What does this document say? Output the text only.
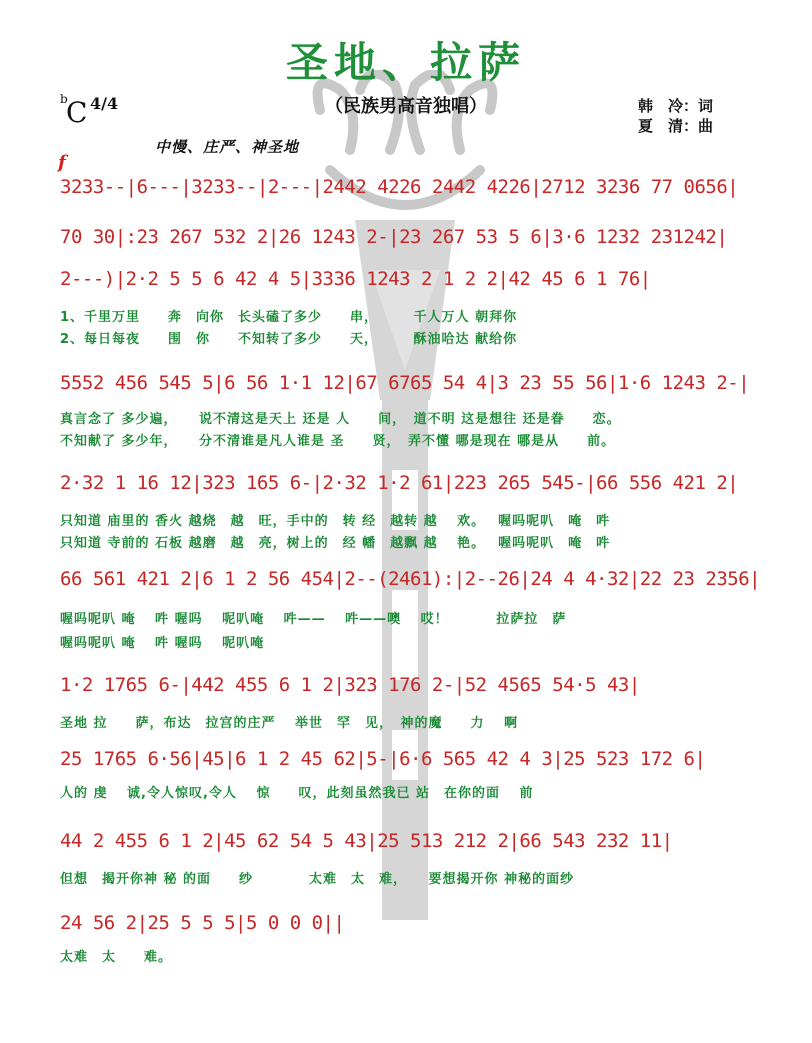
圣地、拉萨
（民族男高音独唱）
b
C 4/4	韩　冷：词
夏　清：曲
中慢、庄严、神圣地
f
3233--|6---|3233--|2---|2442 4226 2442 4226|2712 3236 77 0656|
70 30|:23 267 532 2|26 1243 2-|23 267 53 5 6|3·6 1232 231242|
2---)|2·2 5 5 6 42 4 5|3336 1243 2 1 2 2|42 45 6 1 76|
1、千里万里　　奔　向你　长头磕了多少　　串，　　　千人万人 朝拜你
2、每日每夜　　围　你　　不知转了多少　　天，　　　酥油哈达 献给你
5552 456 545 5|6 56 1·1 12|67 6765 54 4|3 23 55 56|1·6 1243 2-|
真言念了 多少遍，　　说不清这是天上 还是 人　　间，　道不明 这是想往 还是眷　　恋。
不知献了 多少年，　　分不清谁是凡人谁是 圣　　贤，　弄不懂 哪是现在 哪是从　　前。
2·32 1 16 12|323 165 6-|2·32 1·2 61|223 265 545-|66 556 421 2|
只知道 庙里的 香火 越烧　越　旺，手中的　转 经　越转 越　 欢。　 喔吗呢叭　唵　吽
只知道 寺前的 石板 越磨　越　亮，树上的　经 幡　越飘 越　 艳。　 喔吗呢叭　唵　吽
66 561 421 2|6 1 2 56 454|2--(2461):|2--26|24 4 4·32|22 23 2356|
喔吗呢叭 唵　 吽 喔吗　 呢叭唵　 吽——　 吽——噢　 哎！　　　 拉萨拉　萨
喔吗呢叭 唵　 吽 喔吗　 呢叭唵
1·2 1765 6-|442 455 6 1 2|323 176 2-|52 4565 54·5 43|
圣地 拉　　萨，布达　拉宫的庄严　 举世　罕　见，　神的魔　　力　 啊
25 1765 6·56|45|6 1 2 45 62|5-|6·6 565 42 4 3|25 523 172 6|
人的 虔　 诚,令人惊叹,令人　 惊　　叹，此刻虽然我已 站　在你的面　 前
44 2 455 6 1 2|45 62 54 5 43|25 513 212 2|66 543 232 11|
但想　揭开你神 秘 的面　　纱　　　　太难　太　难，　　要想揭开你 神秘的面纱
24 56 2|25 5 5 5|5 0 0 0||
太难　太　　难。
